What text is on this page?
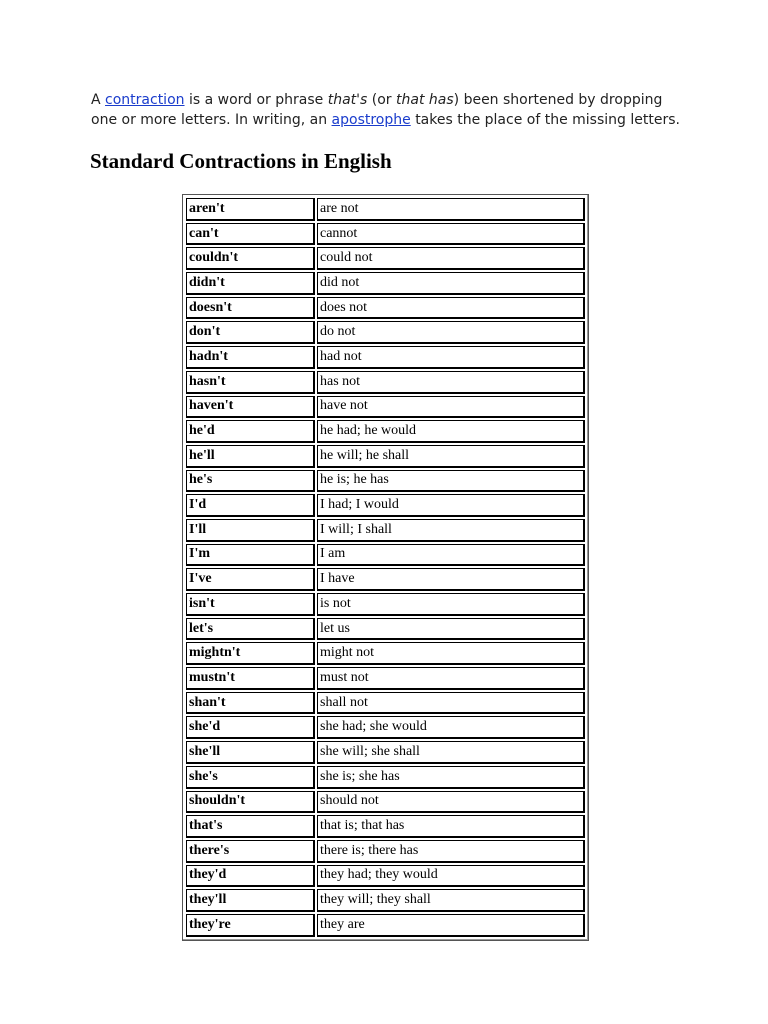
A contraction is a word or phrase that's (or that has) been shortened by dropping one or more letters. In writing, an apostrophe takes the place of the missing letters.

Standard Contractions in English
aren't	are not
can't	cannot
couldn't	could not
didn't	did not
doesn't	does not
don't	do not
hadn't	had not
hasn't	has not
haven't	have not
he'd	he had; he would
he'll	he will; he shall
he's	he is; he has
I'd	I had; I would
I'll	I will; I shall
I'm	I am
I've	I have
isn't	is not
let's	let us
mightn't	might not
mustn't	must not
shan't	shall not
she'd	she had; she would
she'll	she will; she shall
she's	she is; she has
shouldn't	should not
that's	that is; that has
there's	there is; there has
they'd	they had; they would
they'll	they will; they shall
they're	they are
